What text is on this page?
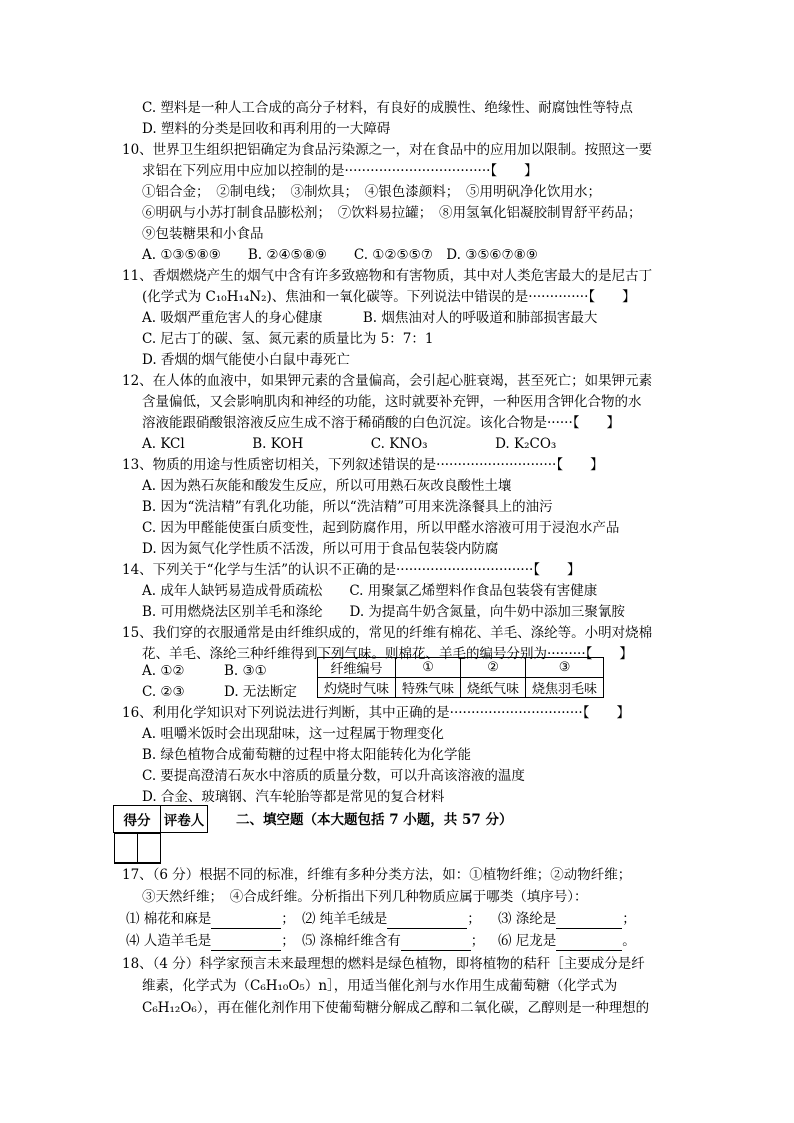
C. 塑料是一种人工合成的高分子材料，有良好的成膜性、绝缘性、耐腐蚀性等特点
D. 塑料的分类是回收和再利用的一大障碍
10、世界卫生组织把铝确定为食品污染源之一，对在食品中的应用加以限制。按照这一要
求铝在下列应用中应加以控制的是··································【　　】
①铝合金；　②制电线；　③制炊具；　④银色漆颜料；　⑤用明矾净化饮用水；
⑥明矾与小苏打制食品膨松剂；　⑦饮料易拉罐；　⑧用氢氧化铝凝胶制胃舒平药品；
⑨包装糖果和小食品
A. ①③⑤⑧⑨　　B. ②④⑤⑧⑨　　C. ①②⑤⑤⑦　D. ③⑤⑥⑦⑧⑨
11、香烟燃烧产生的烟气中含有许多致癌物和有害物质，其中对人类危害最大的是尼古丁
(化学式为 C₁₀H₁₄N₂)、焦油和一氧化碳等。下列说法中错误的是··············【　　】
A. 吸烟严重危害人的身心健康　　　B. 烟焦油对人的呼吸道和肺部损害最大
C. 尼古丁的碳、氢、氮元素的质量比为 5：7：1
D. 香烟的烟气能使小白鼠中毒死亡
12、在人体的血液中，如果钾元素的含量偏高，会引起心脏衰竭，甚至死亡；如果钾元素
含量偏低，又会影响肌肉和神经的功能，这时就要补充钾，一种医用含钾化合物的水
溶液能跟硝酸银溶液反应生成不溶于稀硝酸的白色沉淀。该化合物是······【　　】
A. KCl　　　　　B. KOH　　　　　C. KNO₃　　　　　D. K₂CO₃
13、物质的用途与性质密切相关，下列叙述错误的是····························【　　】
A. 因为熟石灰能和酸发生反应，所以可用熟石灰改良酸性土壤
B. 因为“洗洁精”有乳化功能，所以“洗洁精”可用来洗涤餐具上的油污
C. 因为甲醛能使蛋白质变性，起到防腐作用，所以甲醛水溶液可用于浸泡水产品
D. 因为氮气化学性质不活泼，所以可用于食品包装袋内防腐
14、下列关于“化学与生活”的认识不正确的是································【　　】
A. 成年人缺钙易造成骨质疏松　　C. 用聚氯乙烯塑料作食品包装袋有害健康
B. 可用燃烧法区别羊毛和涤纶　　D. 为提高牛奶含氮量，向牛奶中添加三聚氰胺
15、我们穿的衣服通常是由纤维织成的，常见的纤维有棉花、羊毛、涤纶等。小明对烧棉
花、羊毛、涤纶三种纤维得到下列气味。则棉花、羊毛的编号分别为·········【　　】
A. ①②	B. ③①
C. ②③	D. 无法断定
纤维编号	①	②	③
灼烧时气味	特殊气味	烧纸气味	烧焦羽毛味
16、利用化学知识对下列说法进行判断，其中正确的是·······························【　　】
A. 咀嚼米饭时会出现甜味，这一过程属于物理变化
B. 绿色植物合成葡萄糖的过程中将太阳能转化为化学能
C. 要提高澄清石灰水中溶质的质量分数，可以升高该溶液的温度
D. 合金、玻璃钢、汽车轮胎等都是常见的复合材料
得分	评卷人
	二、填空题（本大题包括 7 小题，共 57 分）
17、（6 分）根据不同的标准，纤维有多种分类方法，如：①植物纤维；②动物纤维；
③天然纤维；　④合成纤维。分析指出下列几种物质应属于哪类（填序号）：
⑴ 棉花和麻是	； ⑵ 纯羊毛绒是	； ⑶ 涤纶是	；
⑷ 人造羊毛是	； ⑸ 涤棉纤维含有	； ⑹ 尼龙是	。
18、（4 分）科学家预言未来最理想的燃料是绿色植物，即将植物的秸秆［主要成分是纤
维素，化学式为（C₆H₁₀O₅）n］，用适当催化剂与水作用生成葡萄糖（化学式为
C₆H₁₂O₆），再在催化剂作用下使葡萄糖分解成乙醇和二氧化碳，乙醇则是一种理想的
